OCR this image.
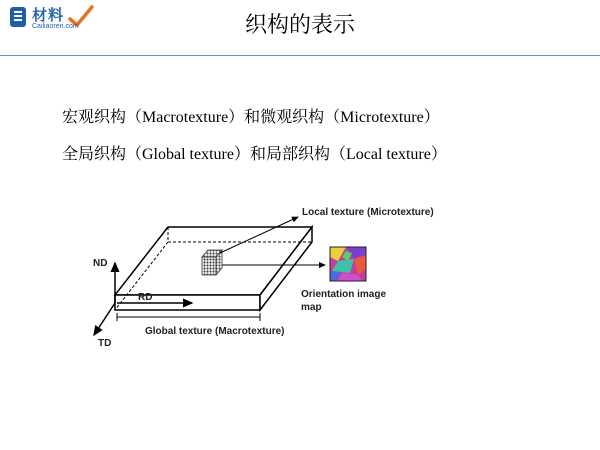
材料
Cailiaoren.com	织构的表示
宏观织构（Macrotexture）和微观织构（Microtexture）
全局织构（Global texture）和局部织构（Local texture）
Local texture (Microtexture)
Orientation image
map
Global texture (Macrotexture)
ND
RD
TD
